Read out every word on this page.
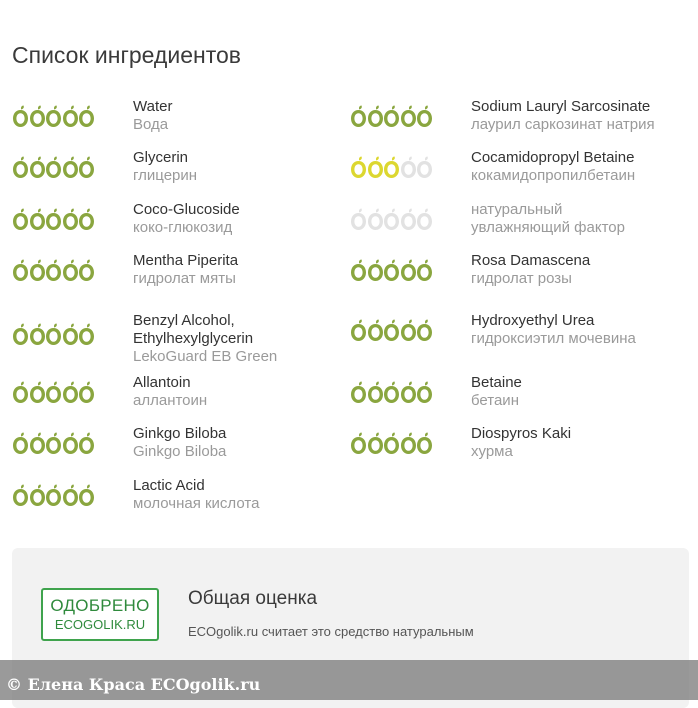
Список ингредиентов
Water
Вода
Sodium Lauryl Sarcosinate
лаурил саркозинат натрия
Glycerin
глицерин
Cocamidopropyl Betaine
кокамидопропилбетаин
Coco-Glucoside
коко-глюкозид
натуральный
увлажняющий фактор
Mentha Piperita
гидролат мяты
Rosa Damascena
гидролат розы
Benzyl Alcohol,
Ethylhexylglycerin
LekoGuard EB Green
Hydroxyethyl Urea
гидроксиэтил мочевина
Allantoin
аллантоин
Betaine
бетаин
Ginkgo Biloba
Ginkgo Biloba
Diospyros Kaki
хурма
Lactic Acid
молочная кислота
ОДОБРЕНО
ECOGOLIK.RU
Общая оценка
ECOgolik.ru считает это средство натуральным
© Елена Краса ECOgolik.ru
